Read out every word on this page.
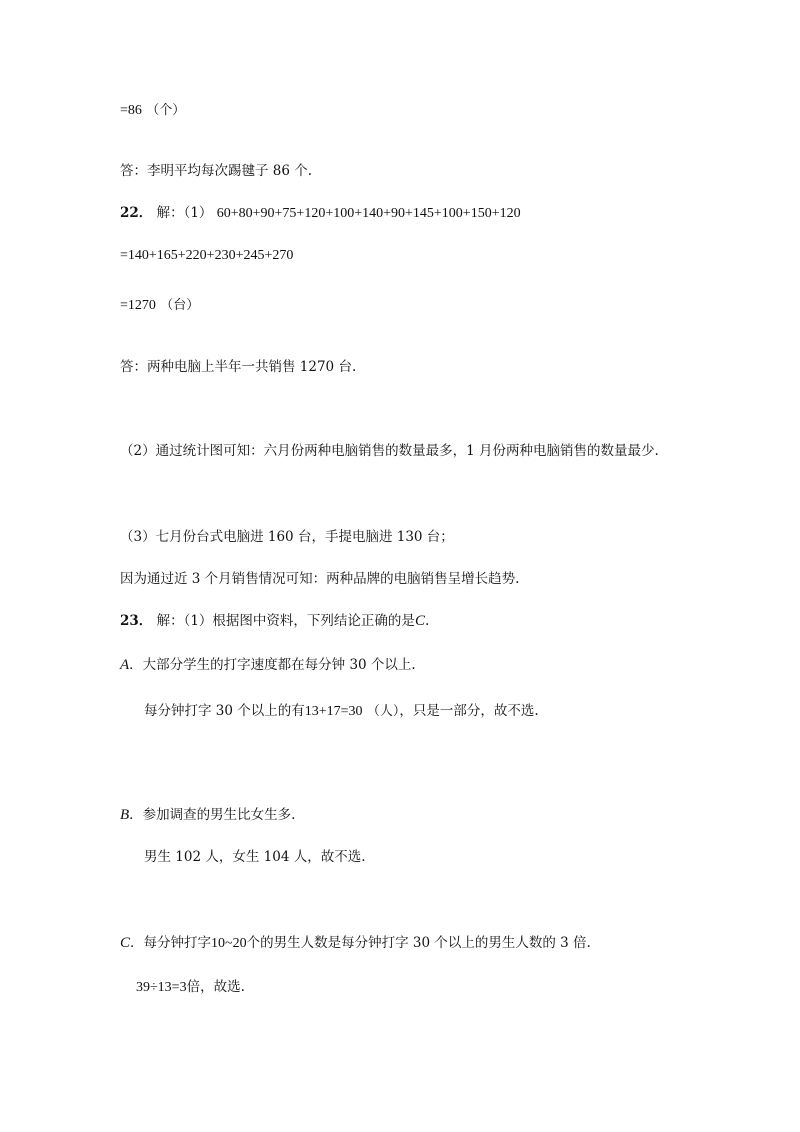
=86 （个）
答：李明平均每次踢毽子 86 个.
22． 解：（1） 60+80+90+75+120+100+140+90+145+100+150+120
=140+165+220+230+245+270
=1270 （台）
答：两种电脑上半年一共销售 1270 台.
（2）通过统计图可知：六月份两种电脑销售的数量最多，1 月份两种电脑销售的数量最少.
（3）七月份台式电脑进 160 台，手提电脑进 130 台；
因为通过近 3 个月销售情况可知：两种品牌的电脑销售呈增长趋势.
23． 解：（1）根据图中资料，下列结论正确的是C.
A．大部分学生的打字速度都在每分钟 30 个以上.
每分钟打字 30 个以上的有13+17=30 （人），只是一部分，故不选.
B．参加调查的男生比女生多.
男生 102 人，女生 104 人，故不选.
C．每分钟打字10~20个的男生人数是每分钟打字 30 个以上的男生人数的 3 倍.
39÷13=3倍，故选.
